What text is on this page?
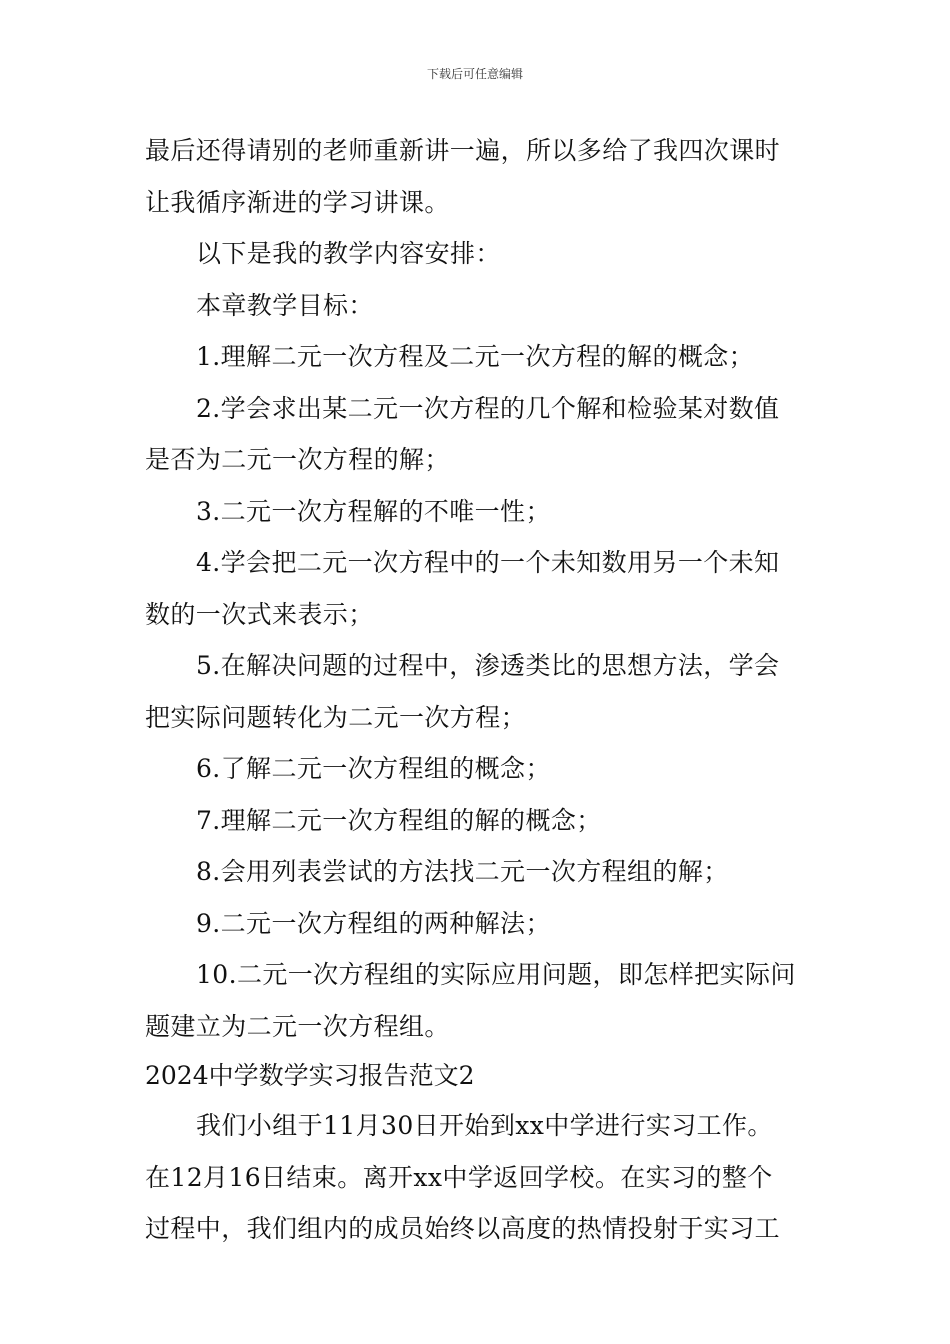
下载后可任意编辑
最后还得请别的老师重新讲一遍，所以多给了我四次课时
让我循序渐进的学习讲课。
以下是我的教学内容安排：
本章教学目标：
1.理解二元一次方程及二元一次方程的解的概念；
2.学会求出某二元一次方程的几个解和检验某对数值
是否为二元一次方程的解；
3.二元一次方程解的不唯一性；
4.学会把二元一次方程中的一个未知数用另一个未知
数的一次式来表示；
5.在解决问题的过程中，渗透类比的思想方法，学会
把实际问题转化为二元一次方程；
6.了解二元一次方程组的概念；
7.理解二元一次方程组的解的概念；
8.会用列表尝试的方法找二元一次方程组的解；
9.二元一次方程组的两种解法；
10.二元一次方程组的实际应用问题，即怎样把实际问
题建立为二元一次方程组。
2024中学数学实习报告范文2
我们小组于11月30日开始到xx中学进行实习工作。
在12月16日结束。离开xx中学返回学校。在实习的整个
过程中，我们组内的成员始终以高度的热情投射于实习工
